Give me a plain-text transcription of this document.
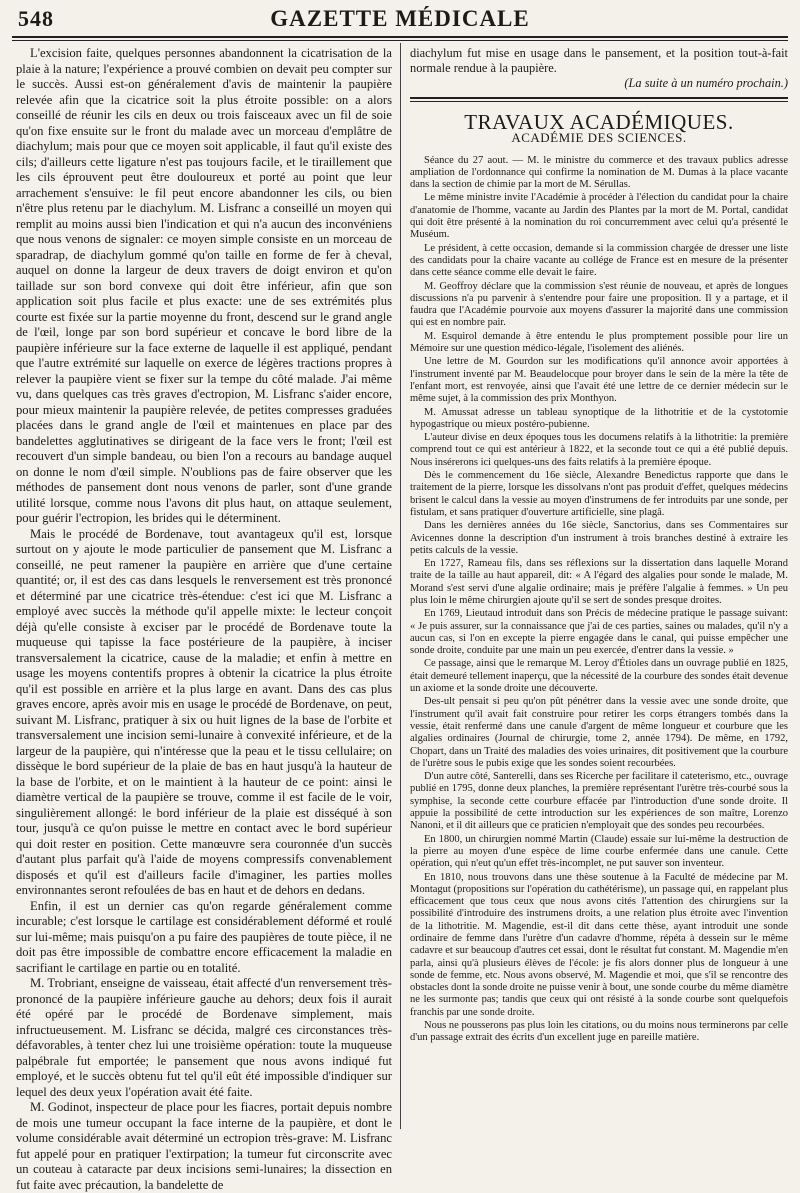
548	GAZETTE MÉDICALE

L'excision faite, quelques personnes abandonnent la cicatrisation de la plaie à la nature; l'expérience a prouvé combien on devait peu compter sur le succès. Aussi est-on généralement d'avis de maintenir la paupière relevée afin que la cicatrice soit la plus étroite possible: on a alors conseillé de réunir les cils en deux ou trois faisceaux avec un fil de soie qu'on fixe ensuite sur le front du malade avec un morceau d'emplâtre de diachylum; mais pour que ce moyen soit applicable, il faut qu'il existe des cils; d'ailleurs cette ligature n'est pas toujours facile, et le tiraillement que les cils éprouvent peut être douloureux et porté au point que leur arrachement s'ensuive: le fil peut encore abandonner les cils, ou bien n'être plus retenu par le diachylum. M. Lisfranc a conseillé un moyen qui remplit au moins aussi bien l'indication et qui n'a aucun des inconvéniens que nous venons de signaler: ce moyen simple consiste en un morceau de sparadrap, de diachylum gommé qu'on taille en forme de fer à cheval, auquel on donne la largeur de deux travers de doigt environ et qu'on taillade sur son bord convexe qui doit être inférieur, afin que son application soit plus facile et plus exacte: une de ses extrémités plus courte est fixée sur la partie moyenne du front, descend sur le grand angle de l'œil, longe par son bord supérieur et concave le bord libre de la paupière inférieure sur la face externe de laquelle il est appliqué, pendant que l'autre extrémité sur laquelle on exerce de légères tractions propres à relever la paupière vient se fixer sur la tempe du côté malade. J'ai même vu, dans quelques cas très graves d'ectropion, M. Lisfranc s'aider encore, pour mieux maintenir la paupière relevée, de petites compresses graduées placées dans le grand angle de l'œil et maintenues en place par des bandelettes agglutinatives se dirigeant de la face vers le front; l'œil est recouvert d'un simple bandeau, ou bien l'on a recours au bandage auquel on donne le nom d'œil simple. N'oublions pas de faire observer que les méthodes de pansement dont nous venons de parler, sont d'une grande utilité lorsque, comme nous l'avons dit plus haut, on attaque seulement, pour guérir l'ectropion, les brides qui le déterminent.

Mais le procédé de Bordenave, tout avantageux qu'il est, lorsque surtout on y ajoute le mode particulier de pansement que M. Lisfranc a conseillé, ne peut ramener la paupière en arrière que d'une certaine quantité; or, il est des cas dans lesquels le renversement est très prononcé et déterminé par une cicatrice très-étendue: c'est ici que M. Lisfranc a employé avec succès la méthode qu'il appelle mixte: le lecteur conçoit déjà qu'elle consiste à exciser par le procédé de Bordenave toute la muqueuse qui tapisse la face postérieure de la paupière, à inciser transversalement la cicatrice, cause de la maladie; et enfin à mettre en usage les moyens contentifs propres à obtenir la cicatrice la plus étroite qu'il est possible en arrière et la plus large en avant. Dans des cas plus graves encore, après avoir mis en usage le procédé de Bordenave, on peut, suivant M. Lisfranc, pratiquer à six ou huit lignes de la base de l'orbite et transversalement une incision semi-lunaire à convexité inférieure, et de la largeur de la paupière, qui n'intéresse que la peau et le tissu cellulaire; on dissèque le bord supérieur de la plaie de bas en haut jusqu'à la hauteur de la base de l'orbite, et on le maintient à la hauteur de ce point: ainsi le diamètre vertical de la paupière se trouve, comme il est facile de le voir, singulièrement allongé: le bord inférieur de la plaie est disséqué à son tour, jusqu'à ce qu'on puisse le mettre en contact avec le bord supérieur qui doit rester en position. Cette manœuvre sera couronnée d'un succès d'autant plus parfait qu'à l'aide de moyens compressifs convenablement disposés et qu'il est d'ailleurs facile d'imaginer, les parties molles environnantes seront refoulées de bas en haut et de dehors en dedans.

Enfin, il est un dernier cas qu'on regarde généralement comme incurable; c'est lorsque le cartilage est considérablement déformé et roulé sur lui-même; mais puisqu'on a pu faire des paupières de toute pièce, il ne doit pas être impossible de combattre encore efficacement la maladie en sacrifiant le cartilage en partie ou en totalité.

M. Trobriant, enseigne de vaisseau, était affecté d'un renversement très-prononcé de la paupière inférieure gauche au dehors; deux fois il aurait été opéré par le procédé de Bordenave simplement, mais infructueusement. M. Lisfranc se décida, malgré ces circonstances très-défavorables, à tenter chez lui une troisième opération: toute la muqueuse palpébrale fut emportée; le pansement que nous avons indiqué fut employé, et le succès obtenu fut tel qu'il eût été impossible d'indiquer sur lequel des deux yeux l'opération avait été faite.

M. Godinot, inspecteur de place pour les fiacres, portait depuis nombre de mois une tumeur occupant la face interne de la paupière, et dont le volume considérable avait déterminé un ectropion très-grave: M. Lisfranc fut appelé pour en pratiquer l'extirpation; la tumeur fut circonscrite avec un couteau à cataracte par deux incisions semi-lunaires; la dissection en fut faite avec précaution, la bandelette de

diachylum fut mise en usage dans le pansement, et la position tout-à-fait normale rendue à la paupière.
(La suite à un numéro prochain.)
TRAVAUX ACADÉMIQUES.
ACADÉMIE DES SCIENCES.

Séance du 27 aout. — M. le ministre du commerce et des travaux publics adresse ampliation de l'ordonnance qui confirme la nomination de M. Dumas à la place vacante dans la section de chimie par la mort de M. Sérullas.

Le même ministre invite l'Académie à procéder à l'élection du candidat pour la chaire d'anatomie de l'homme, vacante au Jardin des Plantes par la mort de M. Portal, candidat qui doit être présenté à la nomination du roi concurremment avec celui qu'a présenté le Muséum.

Le président, à cette occasion, demande si la commission chargée de dresser une liste des candidats pour la chaire vacante au collége de France est en mesure de la présenter dans cette séance comme elle devait le faire.

M. Geoffroy déclare que la commission s'est réunie de nouveau, et après de longues discussions n'a pu parvenir à s'entendre pour faire une proposition. Il y a partage, et il faudra que l'Académie pourvoie aux moyens d'assurer la majorité dans une commission qui est en nombre pair.

M. Esquirol demande à être entendu le plus promptement possible pour lire un Mémoire sur une question médico-légale, l'isolement des aliénés.

Une lettre de M. Gourdon sur les modifications qu'il annonce avoir apportées à l'instrument inventé par M. Beaudelocque pour broyer dans le sein de la mère la tête de l'enfant mort, est renvoyée, ainsi que l'avait été une lettre de ce dernier médecin sur le même sujet, à la commission des prix Monthyon.

M. Amussat adresse un tableau synoptique de la lithotritie et de la cystotomie hypogastrique ou mieux postéro-pubienne.

L'auteur divise en deux époques tous les documens relatifs à la lithotritie: la première comprend tout ce qui est antérieur à 1822, et la seconde tout ce qui a été publié depuis. Nous insérerons ici quelques-uns des faits relatifs à la première époque.

Dès le commencement du 16e siècle, Alexandre Benedictus rapporte que dans le traitement de la pierre, lorsque les dissolvans n'ont pas produit d'effet, quelques médecins brisent le calcul dans la vessie au moyen d'instrumens de fer introduits par une sonde, per fistulam, et sans pratiquer d'ouverture artificielle, sine plagâ.

Dans les dernières années du 16e siècle, Sanctorius, dans ses Commentaires sur Avicennes donne la description d'un instrument à trois branches destiné à extraire les petits calculs de la vessie.

En 1727, Rameau fils, dans ses réflexions sur la dissertation dans laquelle Morand traite de la taille au haut appareil, dit: « A l'égard des algalies pour sonde le malade, M. Morand s'est servi d'une algalie ordinaire; mais je préfère l'algalie à femmes. » Un peu plus loin le même chirurgien ajoute qu'il se sert de sondes presque droites.

En 1769, Lieutaud introduit dans son Précis de médecine pratique le passage suivant: « Je puis assurer, sur la connaissance que j'ai de ces parties, saines ou malades, qu'il n'y a aucun cas, si l'on en excepte la pierre engagée dans le canal, qui puisse empêcher une sonde droite, conduite par une main un peu exercée, d'entrer dans la vessie. »

Ce passage, ainsi que le remarque M. Leroy d'Étioles dans un ouvrage publié en 1825, était demeuré tellement inaperçu, que la nécessité de la courbure des sondes était devenue un axiome et la sonde droite une découverte.

Des-ult pensait si peu qu'on pût pénétrer dans la vessie avec une sonde droite, que l'instrument qu'il avait fait construire pour retirer les corps étrangers tombés dans la vessie, était renfermé dans une canule d'argent de même longueur et courbure que les algalies ordinaires (Journal de chirurgie, tome 2, année 1794). De même, en 1792, Chopart, dans un Traité des maladies des voies urinaires, dit positivement que la courbure de l'urètre sous le pubis exige que les sondes soient recourbées.

D'un autre côté, Santerelli, dans ses Ricerche per facilitare il cateterismo, etc., ouvrage publié en 1795, donne deux planches, la première représentant l'urètre très-courbé sous la symphise, la seconde cette courbure effacée par l'introduction d'une sonde droite. Il appuie la possibilité de cette introduction sur les expériences de son maître, Lorenzo Nanoni, et il dit ailleurs que ce praticien n'employait que des sondes peu recourbées.

En 1800, un chirurgien nommé Martin (Claude) essaie sur lui-même la destruction de la pierre au moyen d'une espèce de lime courbe enfermée dans une canule. Cette opération, qui n'eut qu'un effet très-incomplet, ne put sauver son inventeur.

En 1810, nous trouvons dans une thèse soutenue à la Faculté de médecine par M. Montagut (propositions sur l'opération du cathétérisme), un passage qui, en rappelant plus efficacement que tous ceux que nous avons cités l'attention des chirurgiens sur la possibilité d'introduire des instrumens droits, a une relation plus étroite avec l'invention de la lithotritie. M. Magendie, est-il dit dans cette thèse, ayant introduit une sonde ordinaire de femme dans l'urètre d'un cadavre d'homme, répéta à dessein sur le même cadavre et sur beaucoup d'autres cet essai, dont le résultat fut constant. M. Magendie m'en parla, ainsi qu'à plusieurs élèves de l'école: je fis alors donner plus de longueur à une sonde de femme, etc. Nous avons observé, M. Magendie et moi, que s'il se rencontre des obstacles dont la sonde droite ne puisse venir à bout, une sonde courbe du même diamètre ne les surmonte pas; tandis que ceux qui ont résisté à la sonde courbe sont quelquefois franchis par une sonde droite.

Nous ne pousserons pas plus loin les citations, ou du moins nous terminerons par celle d'un passage extrait des écrits d'un excellent juge en pareille matière.
